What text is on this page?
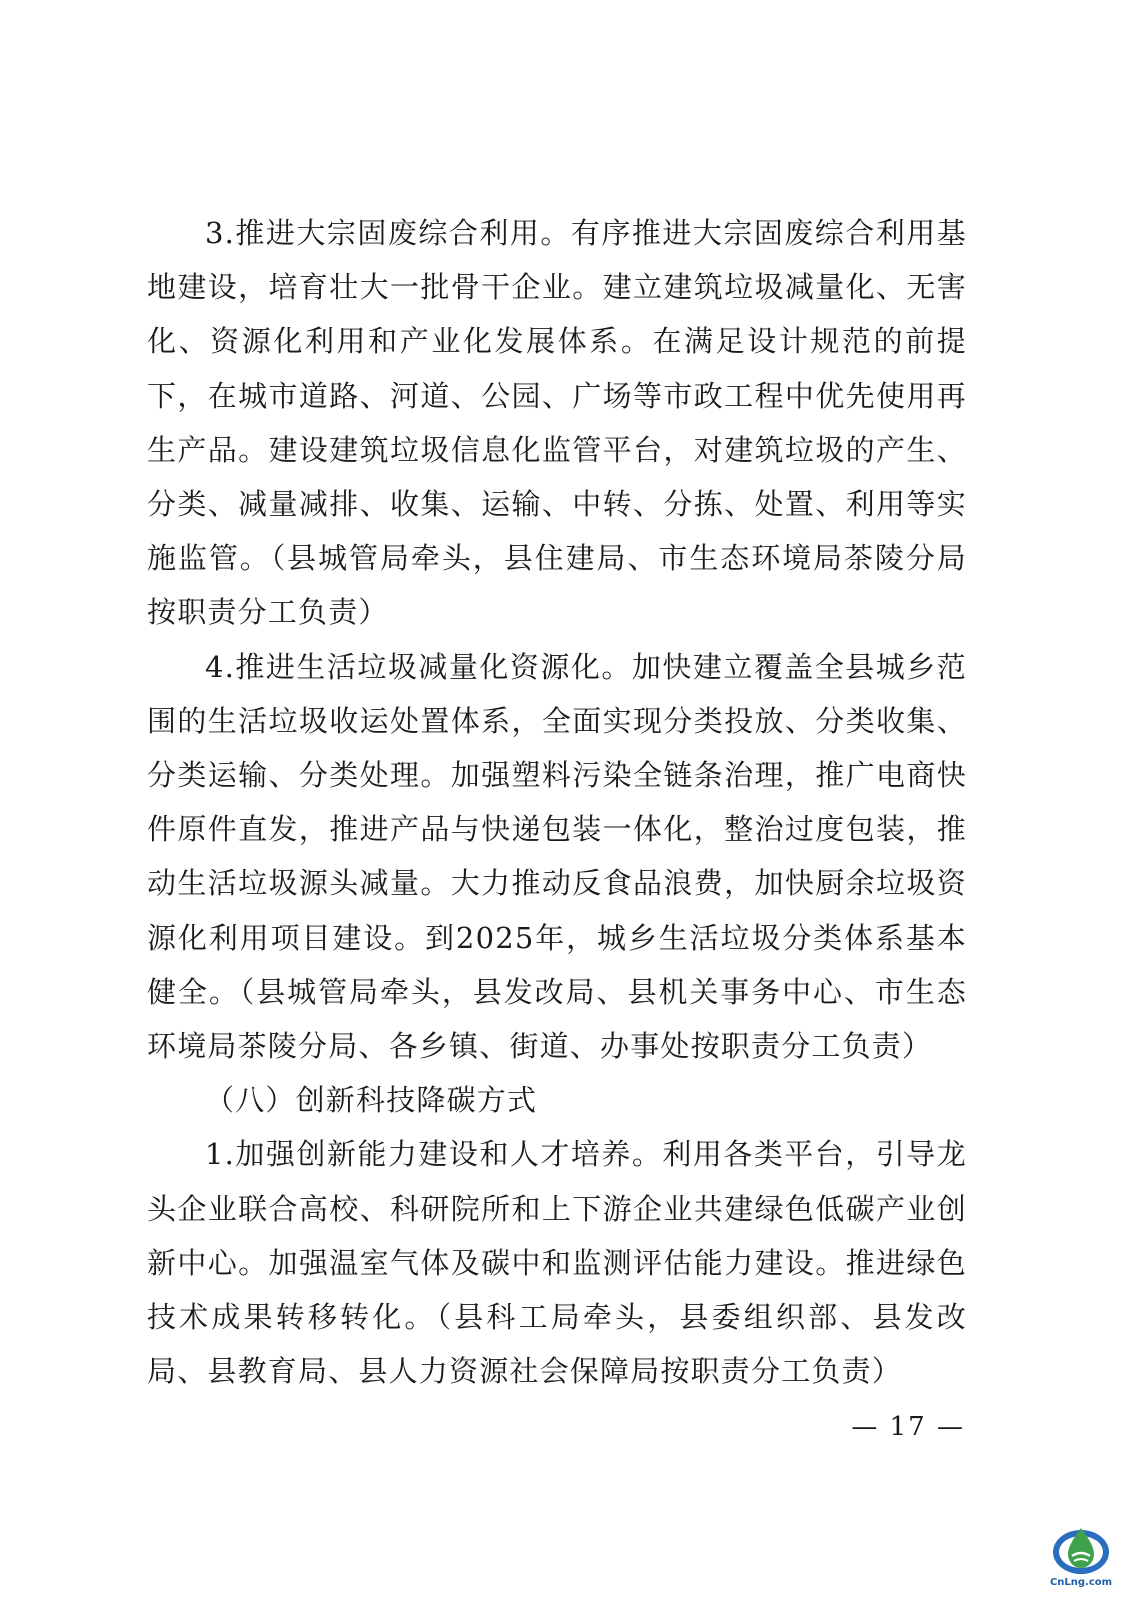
3.推进大宗固废综合利用。有序推进大宗固废综合利用基地建设，培育壮大一批骨干企业。建立建筑垃圾减量化、无害化、资源化利用和产业化发展体系。在满足设计规范的前提下，在城市道路、河道、公园、广场等市政工程中优先使用再生产品。建设建筑垃圾信息化监管平台，对建筑垃圾的产生、分类、减量减排、收集、运输、中转、分拣、处置、利用等实施监管。（县城管局牵头，县住建局、市生态环境局茶陵分局按职责分工负责）

4.推进生活垃圾减量化资源化。加快建立覆盖全县城乡范围的生活垃圾收运处置体系，全面实现分类投放、分类收集、分类运输、分类处理。加强塑料污染全链条治理，推广电商快件原件直发，推进产品与快递包装一体化，整治过度包装，推动生活垃圾源头减量。大力推动反食品浪费，加快厨余垃圾资源化利用项目建设。到2025年，城乡生活垃圾分类体系基本健全。（县城管局牵头，县发改局、县机关事务中心、市生态环境局茶陵分局、各乡镇、街道、办事处按职责分工负责）

（八）创新科技降碳方式

1.加强创新能力建设和人才培养。利用各类平台，引导龙头企业联合高校、科研院所和上下游企业共建绿色低碳产业创新中心。加强温室气体及碳中和监测评估能力建设。推进绿色技术成果转移转化。（县科工局牵头，县委组织部、县发改局、县教育局、县人力资源社会保障局按职责分工负责）

— 17 —
CnLng.com
